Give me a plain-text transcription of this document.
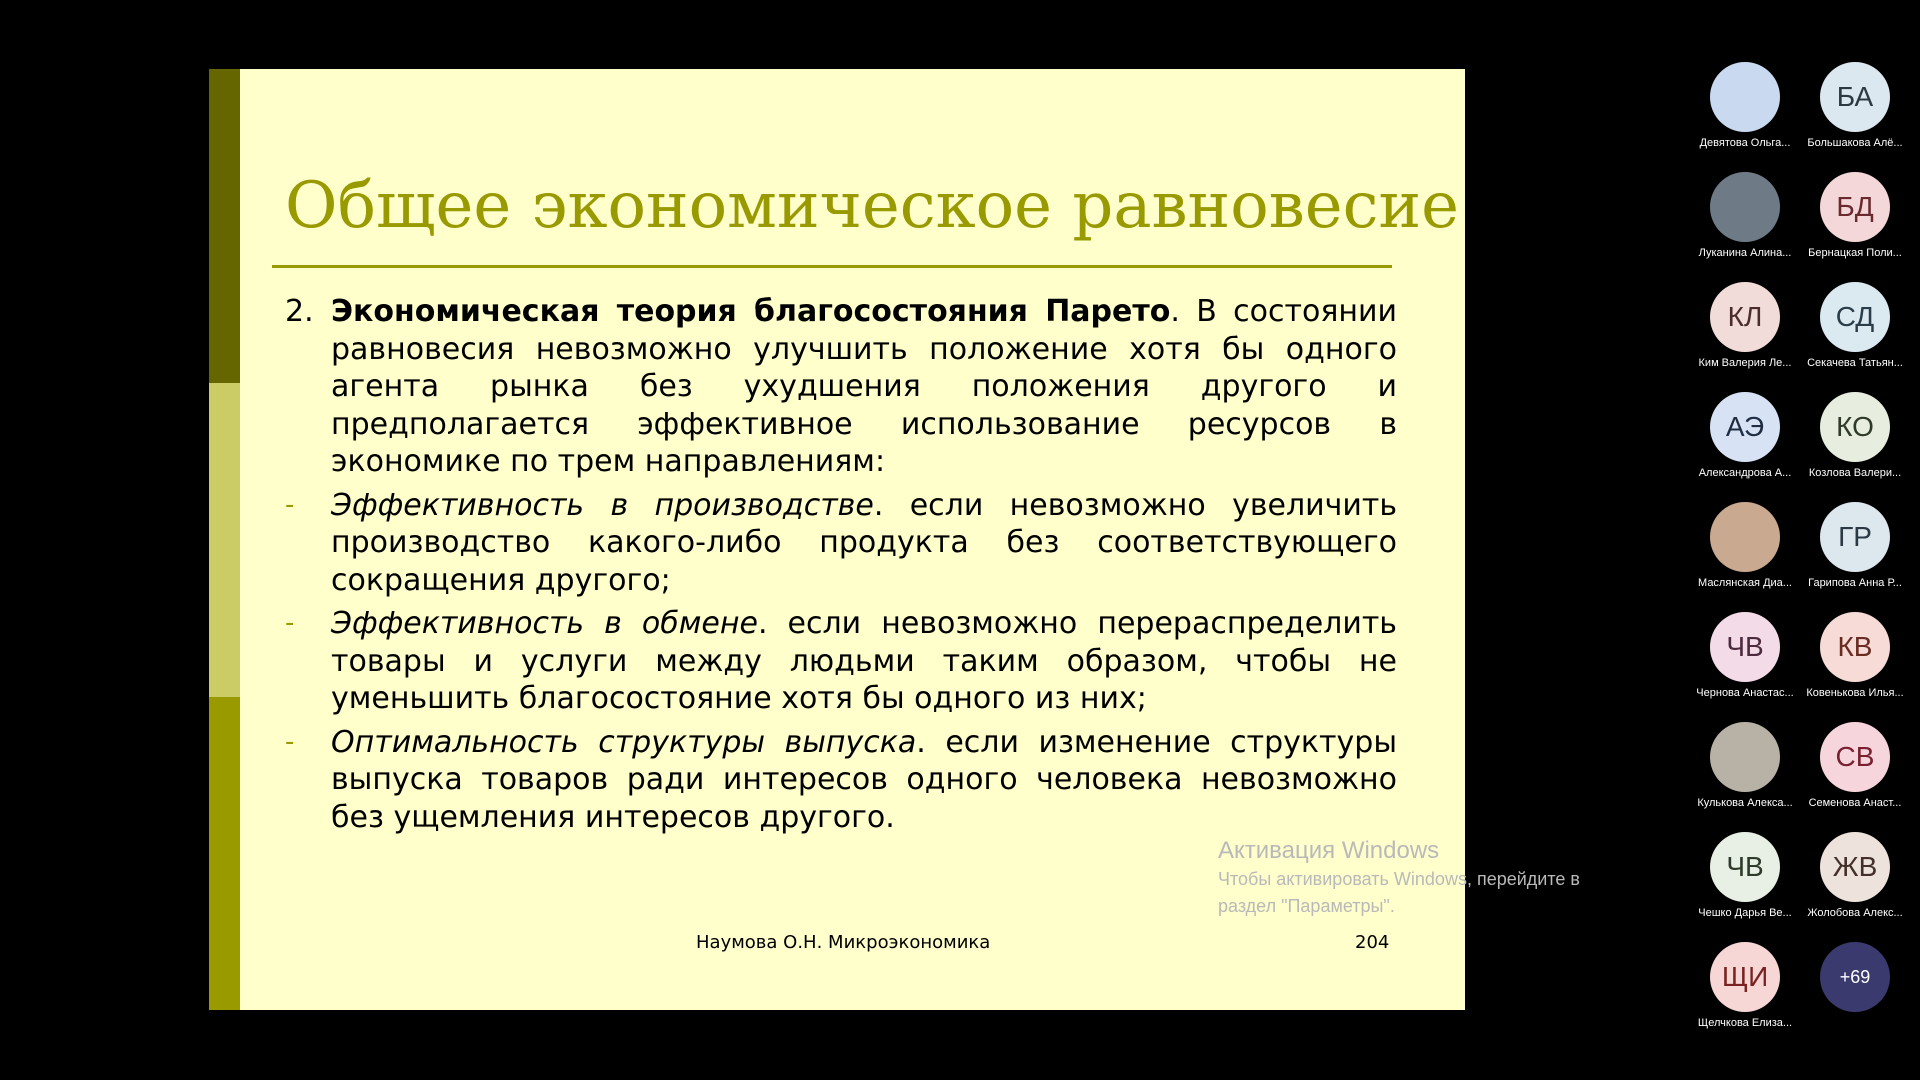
Общее экономическое равновесие
2. Экономическая теория благосостояния Парето. В состоянии равновесия невозможно улучшить положение хотя бы одного агента рынка без ухудшения положения другого и предполагается эффективное использование ресурсов в экономике по трем направлениям:
- Эффективность в производстве. если невозможно увеличить производство какого-либо продукта без соответствующего сокращения другого;
- Эффективность в обмене. если невозможно перераспределить товары и услуги между людьми таким образом, чтобы не уменьшить благосостояние хотя бы одного из них;
- Оптимальность структуры выпуска. если изменение структуры выпуска товаров ради интересов одного человека невозможно без ущемления интересов другого.
Наумова О.Н. Микроэкономика	204
Активация Windows
Чтобы активировать Windows, перейдите в
раздел "Параметры".
Девятова Ольга...
БА
Большакова Алё...
Луканина Алина...
БД
Бернацкая Поли...
КЛ
Ким Валерия Ле...
СД
Секачева Татьян...
АЭ
Александрова А...
КО
Козлова Валери...
Маслянская Диа...
ГР
Гарипова Анна Р...
ЧВ
Чернова Анастас...
КВ
Ковенькова Илья...
Кулькова Алекса...
СВ
Семенова Анаст...
ЧВ
Чешко Дарья Ве...
ЖВ
Жолобова Алекс...
ЩИ
Щелчкова Елиза...
+69
